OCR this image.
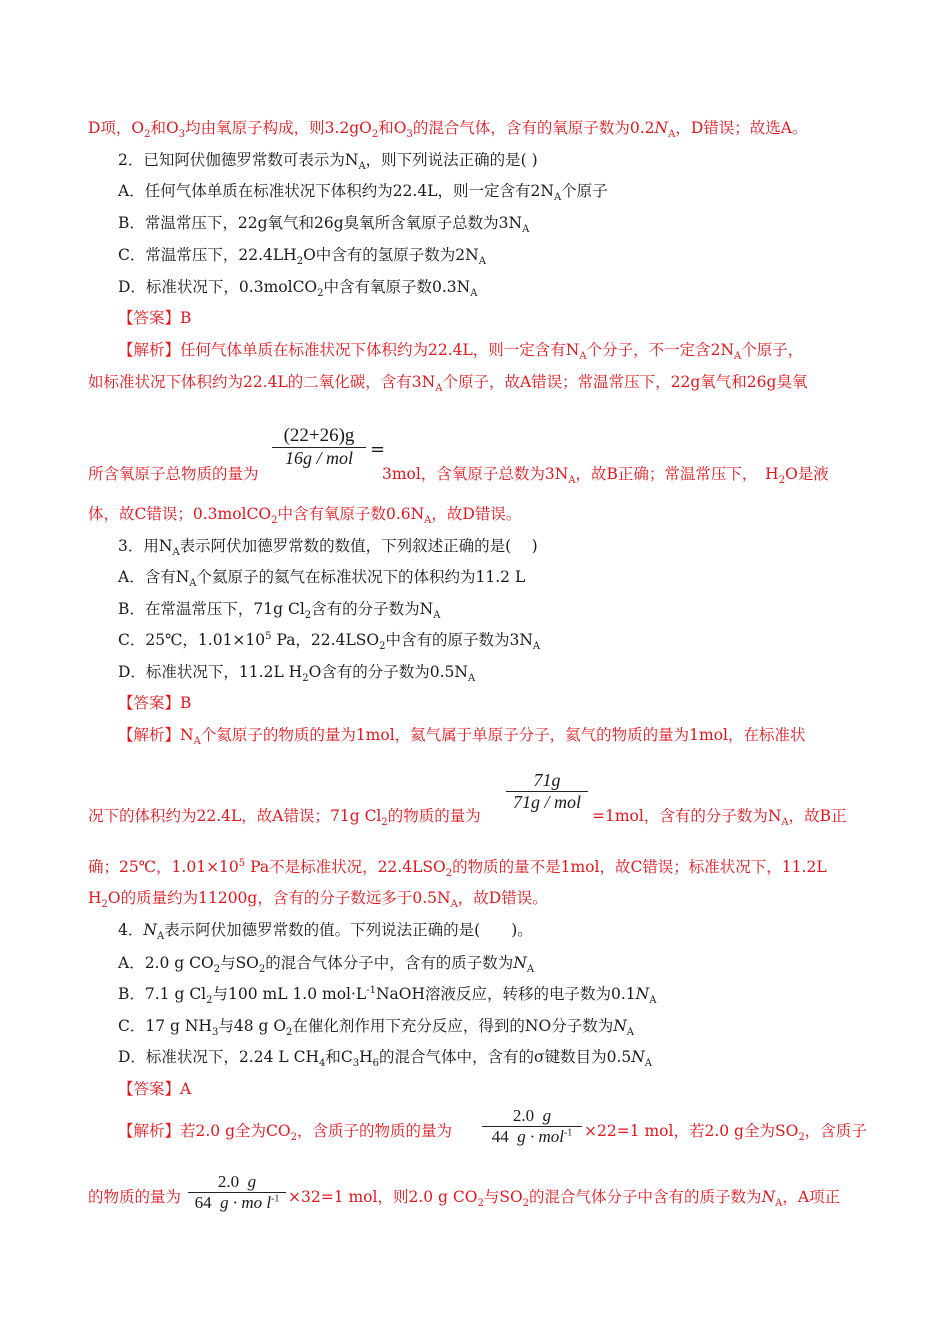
D项，$O_2$和$O_3$均由氧原子构成，则$3.2gO_2$和$O_3$的混合气体，含有的氧原子数为$0.2N_A$，D错误；故选A。
2．已知阿伏伽德罗常数可表示为$N_A$，则下列说法正确的是( )
A．任何气体单质在标准状况下体积约为22.4L，则一定含有$2N_A$个原子
B．常温常压下，22g氧气和26g臭氧所含氧原子总数为$3N_A$
C．常温常压下，$22.4LH_2O$中含有的氢原子数为$2N_A$
D．标准状况下，0.3molCO$_2$中含有氧原子数$0.3N_A$
【答案】B
【解析】任何气体单质在标准状况下体积约为22.4L，则一定含有$N_A$个分子，不一定含$2N_A$个原子，
如标准状况下体积约为22.4L的二氧化碳，含有$3N_A$个原子，故A错误；常温常压下，22g氧气和26g臭氧
(22+26)g
16g / mol =
所含氧原子总物质的量为	3mol，含氧原子总数为$3N_A$，故B正确；常温常压下，　$H_2O$是液
体，故C错误；0.3molCO$_2$中含有氧原子数$0.6N_A$，故D错误。
3．用$N_A$表示阿伏加德罗常数的数值，下列叙述正确的是(　 )
A．含有$N_A$个氦原子的氦气在标准状况下的体积约为11.2 L
B．在常温常压下，71g $Cl_2$含有的分子数为$N_A$
C．25℃，$1.01\times 10^5$ Pa，$22.4LSO_2$中含有的原子数为$3N_A$
D．标准状况下，11.2L $H_2O$含有的分子数为$0.5N_A$
【答案】B
【解析】$N_A$个氦原子的物质的量为1mol，氦气属于单原子分子，氦气的物质的量为1mol，在标准状
71g
71g / mol
况下的体积约为22.4L，故A错误；71g $Cl_2$的物质的量为	=1mol，含有的分子数为$N_A$，故B正
确；25℃，$1.01\times 10^5$ Pa不是标准状况，$22.4LSO_2$的物质的量不是1mol，故C错误；标准状况下，11.2L
$H_2O$的质量约为11200g，含有的分子数远多于$0.5N_A$，故D错误。
4．$N_A$表示阿伏加德罗常数的值。下列说法正确的是(　　)。
A．2.0 g $CO_2$与$SO_2$的混合气体分子中，含有的质子数为$N_A$
B．7.1 g $Cl_2$与100 mL 1.0 $mol\cdot L^{-1}NaOH$溶液反应，转移的电子数为$0.1N_A$
C．17 g $NH_3$与48 g $O_2$在催化剂作用下充分反应，得到的NO分子数为$N_A$
D．标准状况下，2.24 L $CH_4$和$C_3H_6$的混合气体中，含有的σ键数目为$0.5N_A$
【答案】A
2.0  g
44  g · mol$^{-1}$
【解析】若2.0 g全为$CO_2$，含质子的物质的量为	×22=1 mol，若2.0 g全为$SO_2$，含质子
2.0  g
64  g · mo $l^{-1}$
的物质的量为	×32=1 mol，则2.0 g $CO_2$与$SO_2$的混合气体分子中含有的质子数为$N_A$，A项正
